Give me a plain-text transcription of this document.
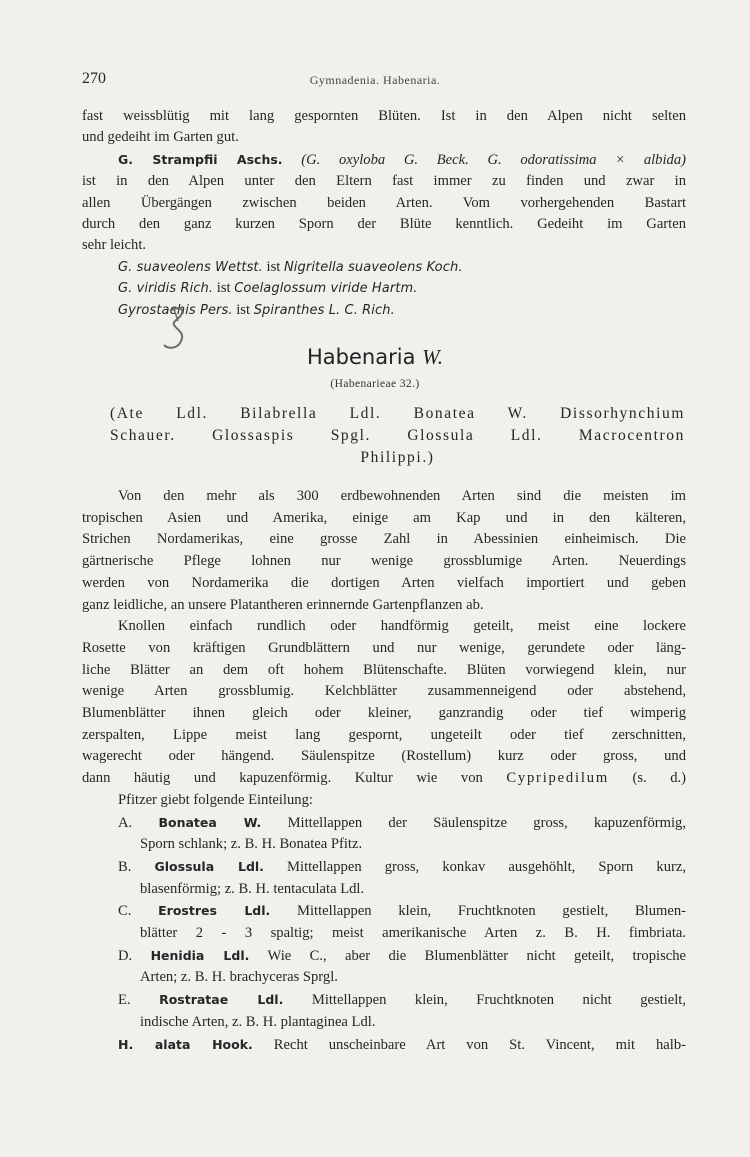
270	Gymnadenia. Habenaria.
fast weissblütig mit lang gespornten Blüten. Ist in den Alpen nicht selten
und gedeiht im Garten gut.
G. Strampfii Aschs. (G. oxyloba G. Beck. G. odoratissima × albida)
ist in den Alpen unter den Eltern fast immer zu finden und zwar in
allen Übergängen zwischen beiden Arten. Vom vorhergehenden Bastart
durch den ganz kurzen Sporn der Blüte kenntlich. Gedeiht im Garten
sehr leicht.
G. suaveolens Wettst. ist Nigritella suaveolens Koch.
G. viridis Rich. ist Coelaglossum viride Hartm.
Gyrostachis Pers. ist Spiranthes L. C. Rich.
Habenaria W.
(Habenarieae 32.)
(Ate Ldl. Bilabrella Ldl. Bonatea W. Dissorhynchium
Schauer. Glossaspis Spgl. Glossula Ldl. Macrocentron
Philippi.)
Von den mehr als 300 erdbewohnenden Arten sind die meisten im
tropischen Asien und Amerika, einige am Kap und in den kälteren,
Strichen Nordamerikas, eine grosse Zahl in Abessinien einheimisch. Die
gärtnerische Pflege lohnen nur wenige grossblumige Arten. Neuerdings
werden von Nordamerika die dortigen Arten vielfach importiert und geben
ganz leidliche, an unsere Platantheren erinnernde Gartenpflanzen ab.
Knollen einfach rundlich oder handförmig geteilt, meist eine lockere
Rosette von kräftigen Grundblättern und nur wenige, gerundete oder läng-
liche Blätter an dem oft hohem Blütenschafte. Blüten vorwiegend klein, nur
wenige Arten grossblumig. Kelchblätter zusammenneigend oder abstehend,
Blumenblätter ihnen gleich oder kleiner, ganzrandig oder tief wimperig
zerspalten, Lippe meist lang gespornt, ungeteilt oder tief zerschnitten,
wagerecht oder hängend. Säulenspitze (Rostellum) kurz oder gross, und
dann häutig und kapuzenförmig. Kultur wie von Cypripedilum (s. d.)
Pfitzer giebt folgende Einteilung:
A. Bonatea W. Mittellappen der Säulenspitze gross, kapuzenförmig,
Sporn schlank; z. B. H. Bonatea Pfitz.
B. Glossula Ldl. Mittellappen gross, konkav ausgehöhlt, Sporn kurz,
blasenförmig; z. B. H. tentaculata Ldl.
C. Erostres Ldl. Mittellappen klein, Fruchtknoten gestielt, Blumen-
blätter 2 - 3 spaltig; meist amerikanische Arten z. B. H. fimbriata.
D. Henidia Ldl. Wie C., aber die Blumenblätter nicht geteilt, tropische
Arten; z. B. H. brachyceras Sprgl.
E. Rostratae Ldl. Mittellappen klein, Fruchtknoten nicht gestielt,
indische Arten, z. B. H. plantaginea Ldl.
H. alata Hook. Recht unscheinbare Art von St. Vincent, mit halb-
